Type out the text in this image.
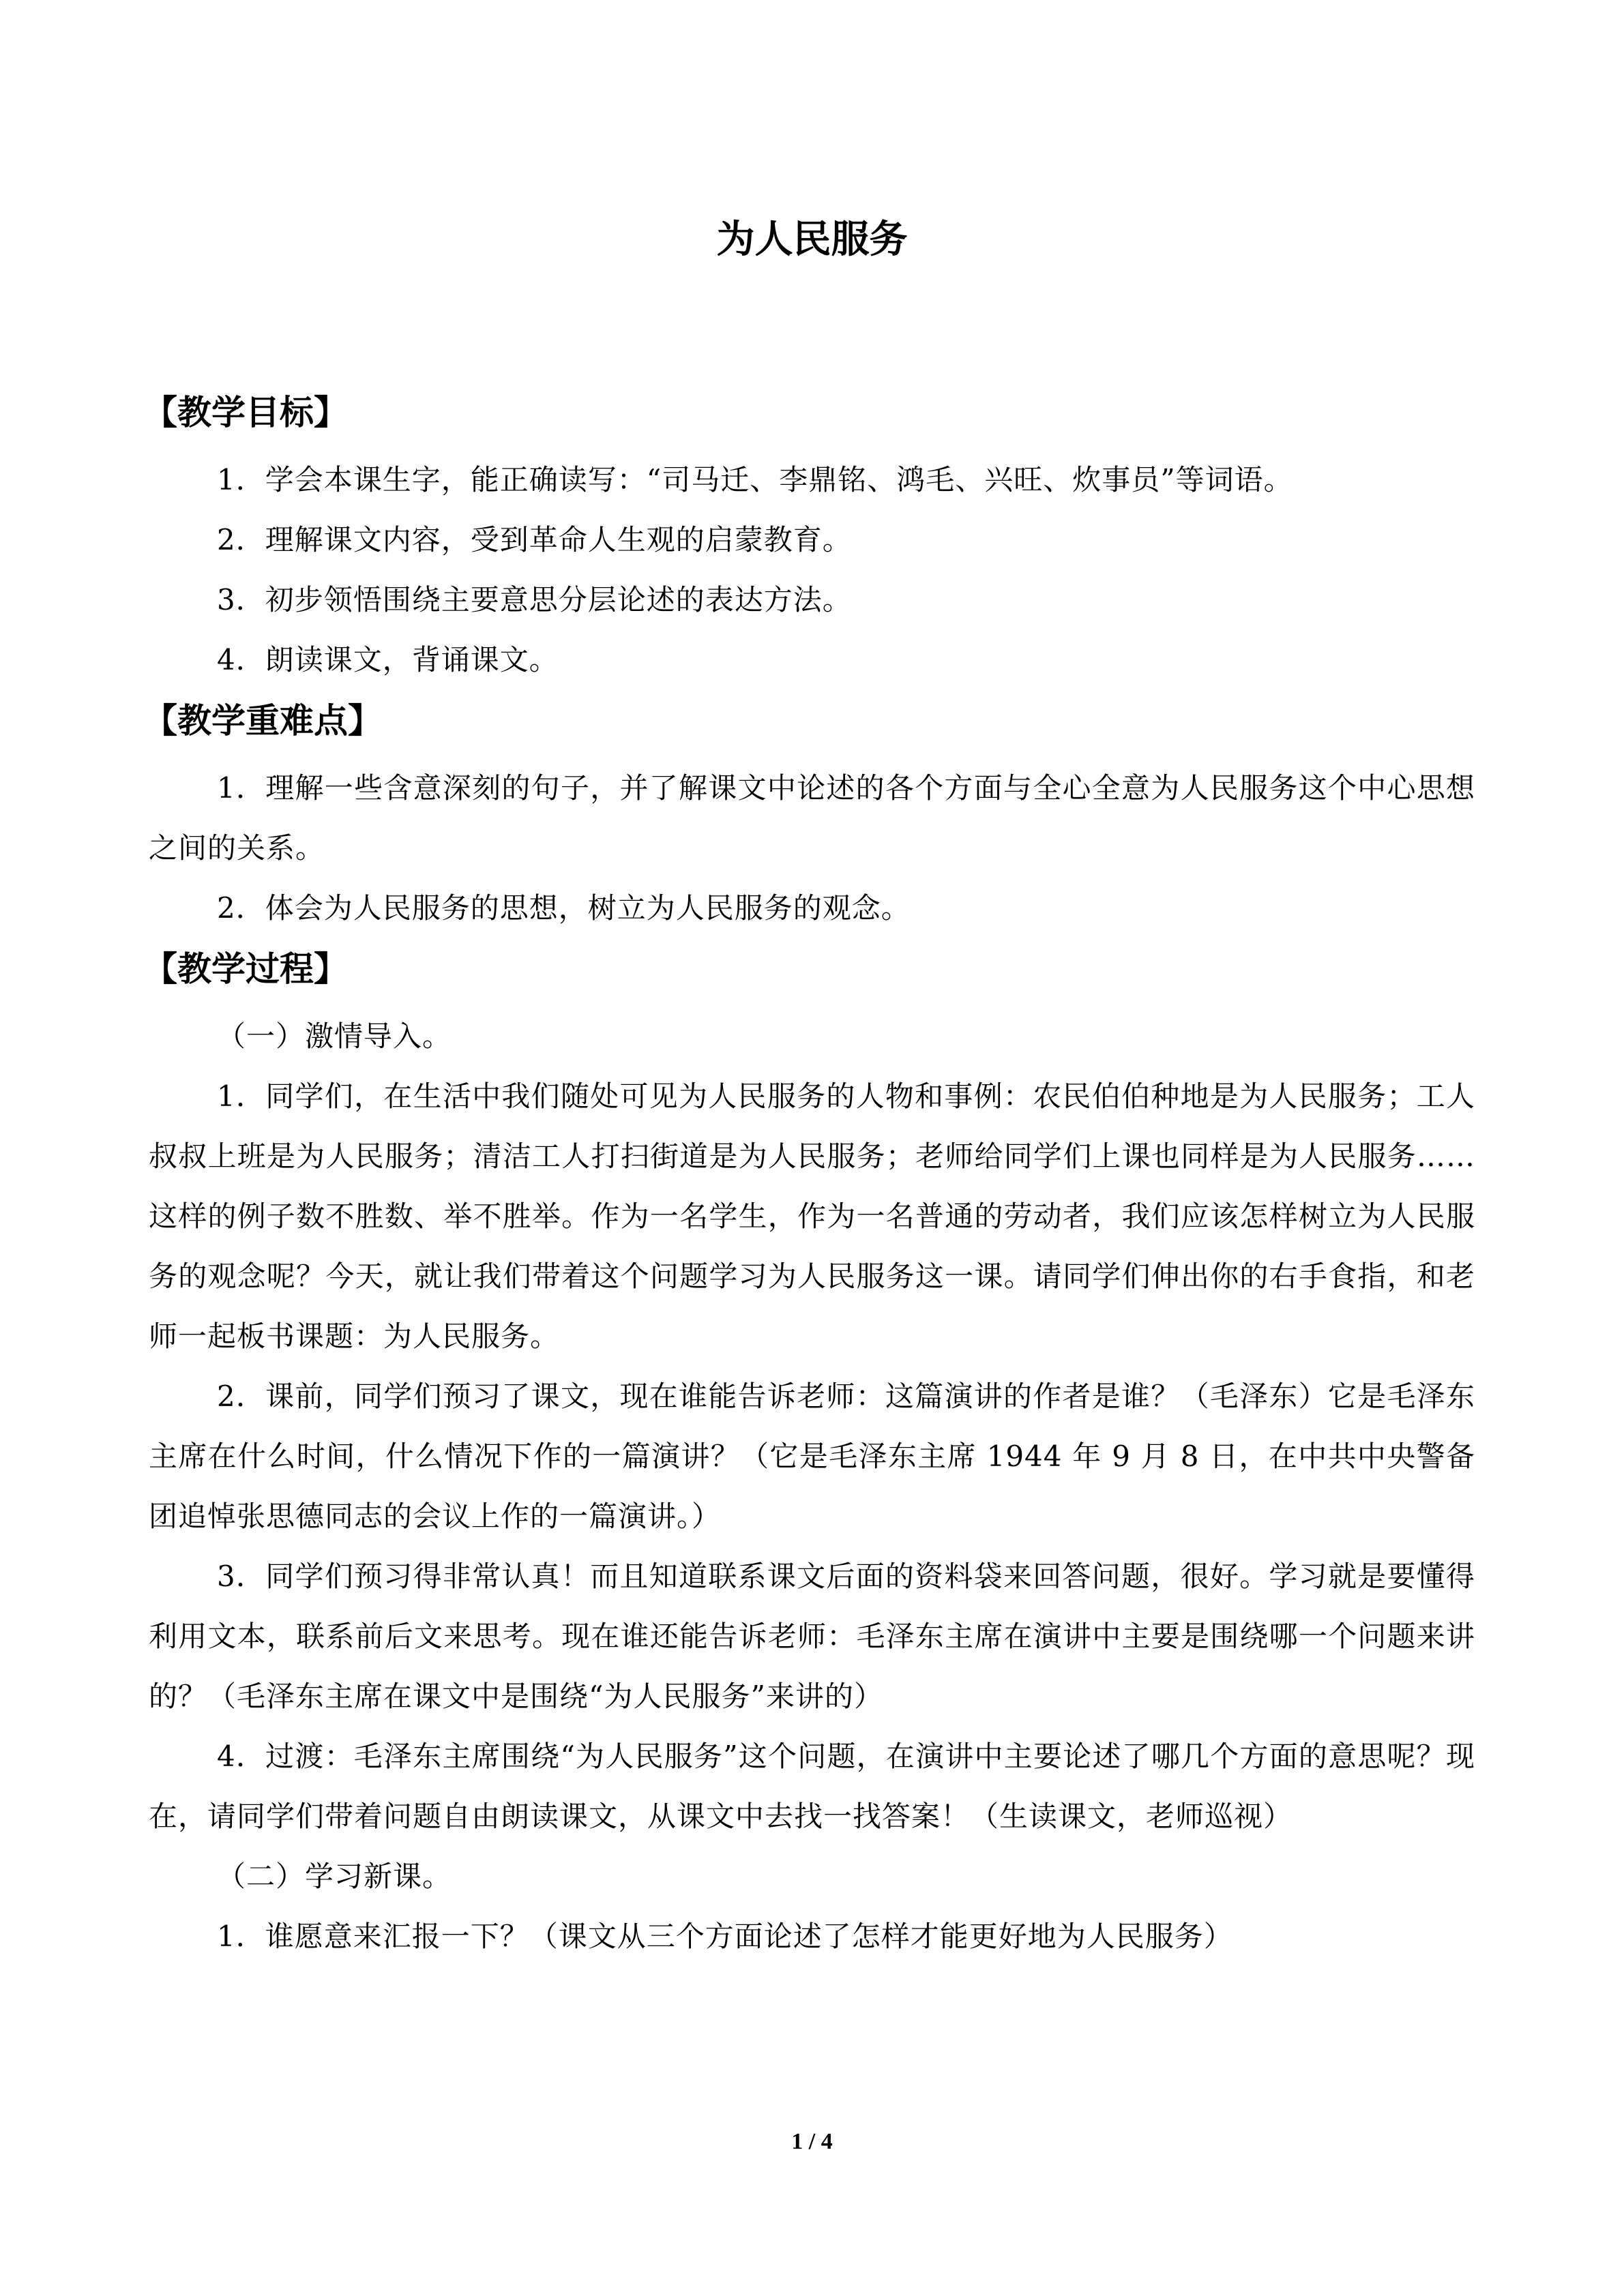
为人民服务
【教学目标】

1．学会本课生字，能正确读写：“司马迁、李鼎铭、鸿毛、兴旺、炊事员”等词语。

2．理解课文内容，受到革命人生观的启蒙教育。

3．初步领悟围绕主要意思分层论述的表达方法。

4．朗读课文，背诵课文。

【教学重难点】

1．理解一些含意深刻的句子，并了解课文中论述的各个方面与全心全意为人民服务这个中心思想之间的关系。

2．体会为人民服务的思想，树立为人民服务的观念。

【教学过程】

（一）激情导入。

1．同学们，在生活中我们随处可见为人民服务的人物和事例：农民伯伯种地是为人民服务；工人叔叔上班是为人民服务；清洁工人打扫街道是为人民服务；老师给同学们上课也同样是为人民服务……这样的例子数不胜数、举不胜举。作为一名学生，作为一名普通的劳动者，我们应该怎样树立为人民服务的观念呢？今天，就让我们带着这个问题学习为人民服务这一课。请同学们伸出你的右手食指，和老师一起板书课题：为人民服务。

2．课前，同学们预习了课文，现在谁能告诉老师：这篇演讲的作者是谁？（毛泽东）它是毛泽东主席在什么时间，什么情况下作的一篇演讲？（它是毛泽东主席 1944 年 9 月 8 日，在中共中央警备团追悼张思德同志的会议上作的一篇演讲。）

3．同学们预习得非常认真！而且知道联系课文后面的资料袋来回答问题，很好。学习就是要懂得利用文本，联系前后文来思考。现在谁还能告诉老师：毛泽东主席在演讲中主要是围绕哪一个问题来讲的？（毛泽东主席在课文中是围绕“为人民服务”来讲的）

4．过渡：毛泽东主席围绕“为人民服务”这个问题，在演讲中主要论述了哪几个方面的意思呢？现在，请同学们带着问题自由朗读课文，从课文中去找一找答案！（生读课文，老师巡视）

（二）学习新课。

1．谁愿意来汇报一下？（课文从三个方面论述了怎样才能更好地为人民服务）

1 / 4
